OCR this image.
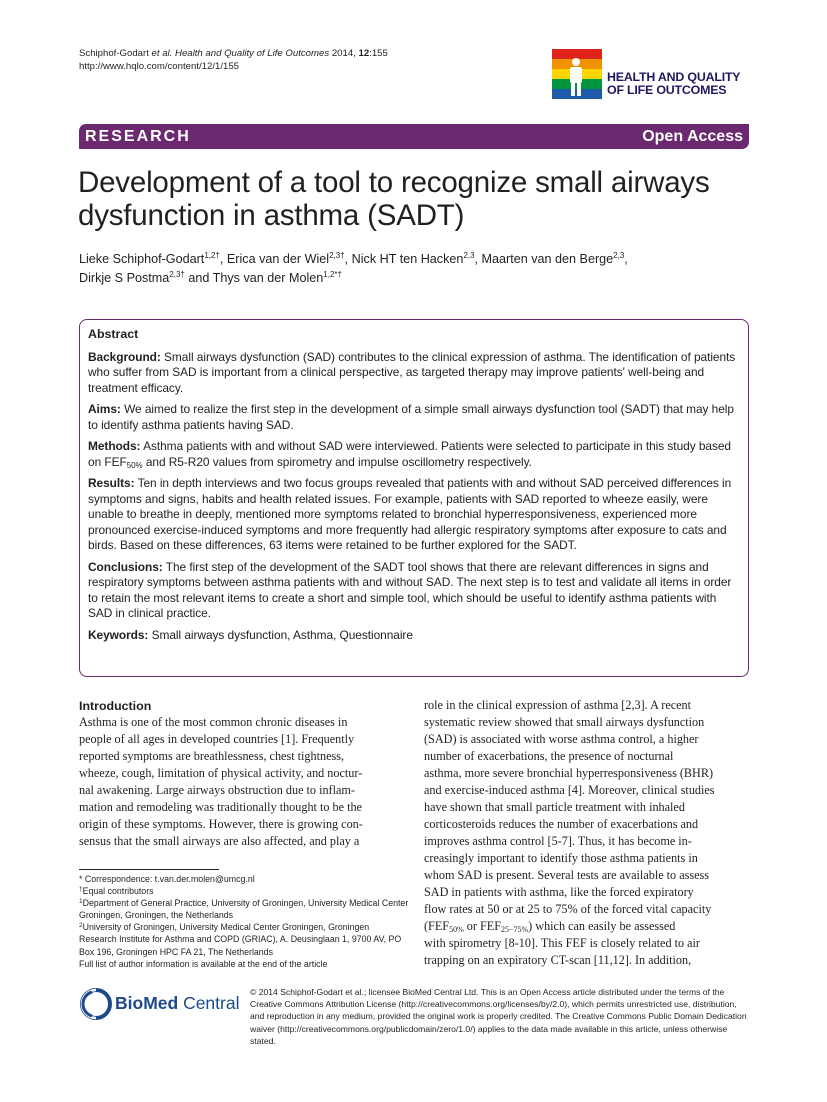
Schiphof-Godart et al. Health and Quality of Life Outcomes 2014, 12:155
http://www.hqlo.com/content/12/1/155
HEALTH AND QUALITY
OF LIFE OUTCOMES
RESEARCH	Open Access
Development of a tool to recognize small airways
dysfunction in asthma (SADT)
Lieke Schiphof-Godart$^{1,2\dagger}$, Erica van der Wiel$^{2,3\dagger}$, Nick HT ten Hacken$^{2,3}$, Maarten van den Berge$^{2,3}$,
Dirkje S Postma$^{2,3\dagger}$ and Thys van der Molen$^{1,2*\dagger}$
Abstract

Background: Small airways dysfunction (SAD) contributes to the clinical expression of asthma. The identification of patients who suffer from SAD is important from a clinical perspective, as targeted therapy may improve patients' well-being and treatment efficacy.

Aims: We aimed to realize the first step in the development of a simple small airways dysfunction tool (SADT) that may help to identify asthma patients having SAD.

Methods: Asthma patients with and without SAD were interviewed. Patients were selected to participate in this study based on $FEF_{50\%}$ and R5-R20 values from spirometry and impulse oscillometry respectively.

Results: Ten in depth interviews and two focus groups revealed that patients with and without SAD perceived differences in symptoms and signs, habits and health related issues. For example, patients with SAD reported to wheeze easily, were unable to breathe in deeply, mentioned more symptoms related to bronchial hyperresponsiveness, experienced more pronounced exercise-induced symptoms and more frequently had allergic respiratory symptoms after exposure to cats and birds. Based on these differences, 63 items were retained to be further explored for the SADT.

Conclusions: The first step of the development of the SADT tool shows that there are relevant differences in signs and respiratory symptoms between asthma patients with and without SAD. The next step is to test and validate all items in order to retain the most relevant items to create a short and simple tool, which should be useful to identify asthma patients with SAD in clinical practice.

Keywords: Small airways dysfunction, Asthma, Questionnaire

Introduction
Asthma is one of the most common chronic diseases in
people of all ages in developed countries [1]. Frequently
reported symptoms are breathlessness, chest tightness,
wheeze, cough, limitation of physical activity, and noctur-
nal awakening. Large airways obstruction due to inflam-
mation and remodeling was traditionally thought to be the
origin of these symptoms. However, there is growing con-
sensus that the small airways are also affected, and play a
role in the clinical expression of asthma [2,3]. A recent
systematic review showed that small airways dysfunction
(SAD) is associated with worse asthma control, a higher
number of exacerbations, the presence of nocturnal
asthma, more severe bronchial hyperresponsiveness (BHR)
and exercise-induced asthma [4]. Moreover, clinical studies
have shown that small particle treatment with inhaled
corticosteroids reduces the number of exacerbations and
improves asthma control [5-7]. Thus, it has become in-
creasingly important to identify those asthma patients in
whom SAD is present. Several tests are available to assess
SAD in patients with asthma, like the forced expiratory
flow rates at 50 or at 25 to 75% of the forced vital capacity
($FEF_{50\%}$ or $FEF_{25-75\%}$) which can easily be assessed
with spirometry [8-10]. This FEF is closely related to air
trapping on an expiratory CT-scan [11,12]. In addition,
* Correspondence: t.van.der.molen@umcg.nl
†Equal contributors
$^1$Department of General Practice, University of Groningen, University Medical Center Groningen, Groningen, the Netherlands
$^2$University of Groningen, University Medical Center Groningen, Groningen Research Institute for Asthma and COPD (GRIAC), A. Deusinglaan 1, 9700 AV, PO Box 196, Groningen HPC FA 21, The Netherlands
Full list of author information is available at the end of the article
BioMed Central
© 2014 Schiphof-Godart et al.; licensee BioMed Central Ltd. This is an Open Access article distributed under the terms of the Creative Commons Attribution License (http://creativecommons.org/licenses/by/2.0), which permits unrestricted use, distribution, and reproduction in any medium, provided the original work is properly credited. The Creative Commons Public Domain Dedication waiver (http://creativecommons.org/publicdomain/zero/1.0/) applies to the data made available in this article, unless otherwise stated.
